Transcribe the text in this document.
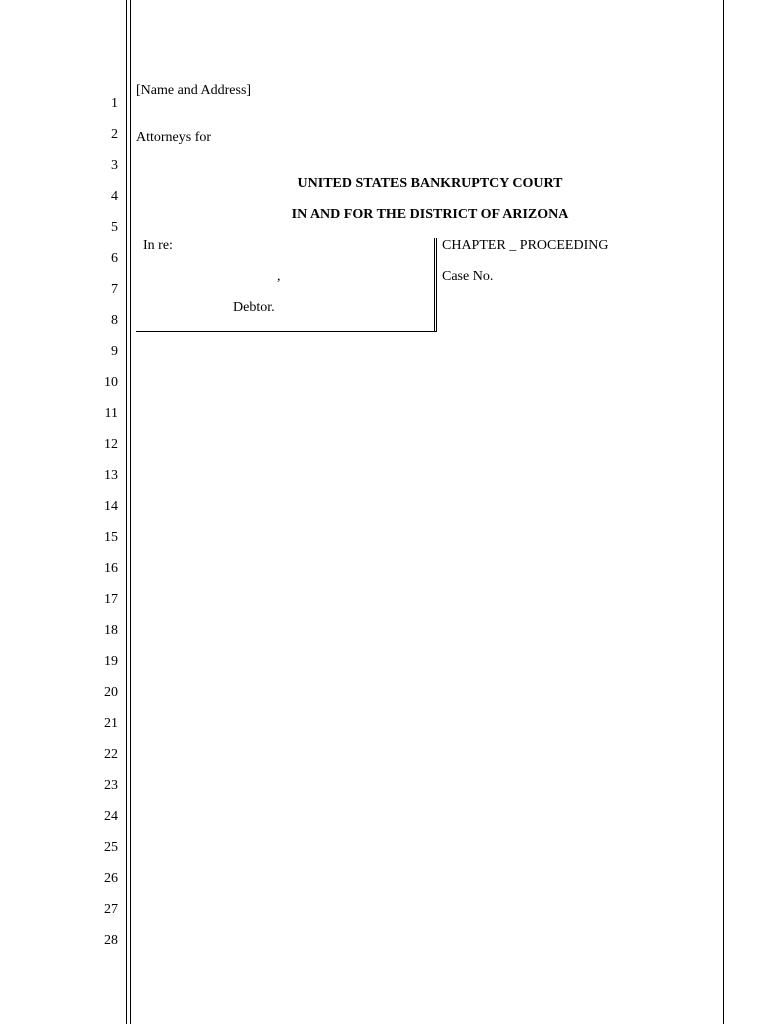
1
2
3
4
5
6
7
8
9
10
11
12
13
14
15
16
17
18
19
20
21
22
23
24
25
26
27
28
[Name and Address]
Attorneys for
UNITED STATES BANKRUPTCY COURT
IN AND FOR THE DISTRICT OF ARIZONA
In re:
,
Debtor.
CHAPTER _ PROCEEDING
Case No.
